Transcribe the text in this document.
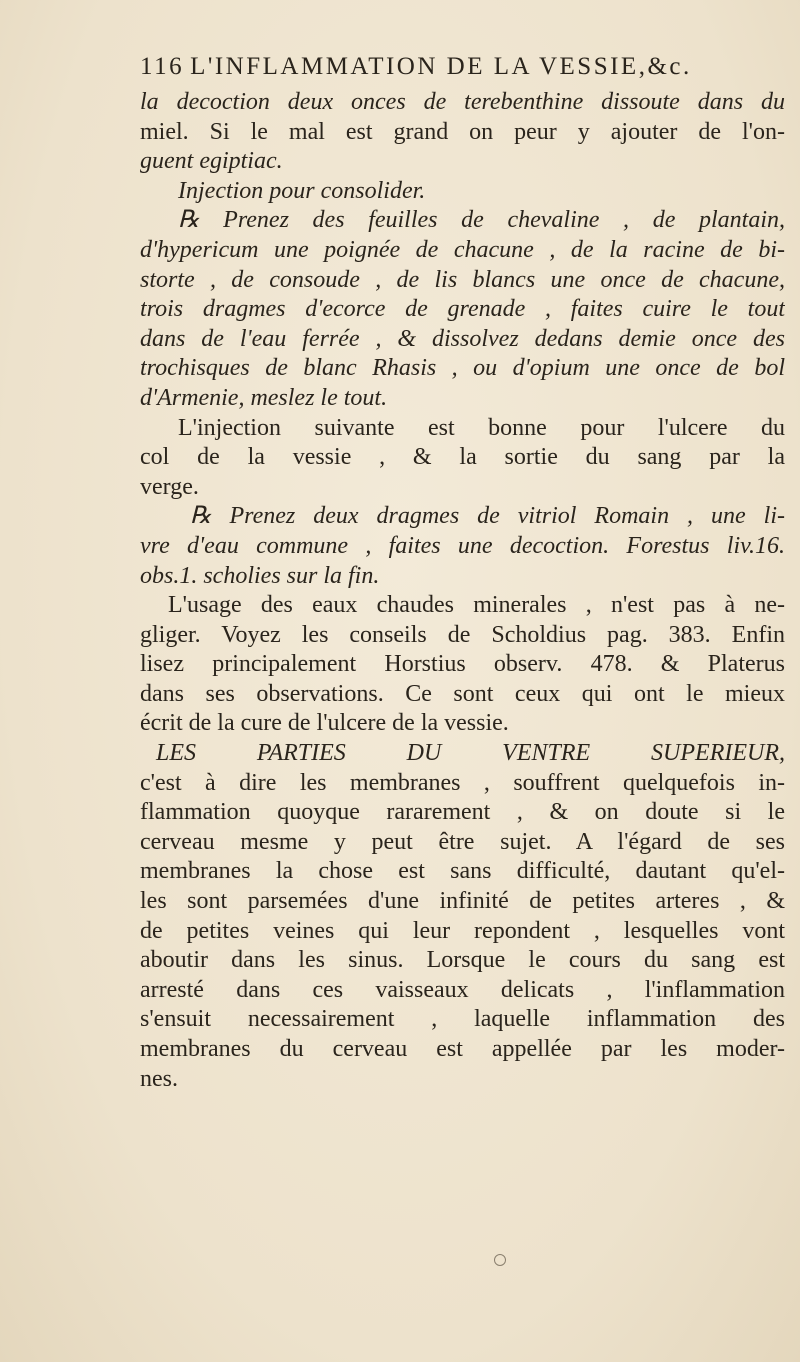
116 L'INFLAMMATION DE LA VESSIE,&c.
la decoction deux onces de terebenthine dissoute dans du
miel. Si le mal est grand on peur y ajouter de l'on-
guent egiptiac.
Injection pour consolider.
℞ Prenez des feuilles de chevaline , de plantain,
d'hypericum une poignée de chacune , de la racine de bi-
storte , de consoude , de lis blancs une once de chacune,
trois dragmes d'ecorce de grenade , faites cuire le tout
dans de l'eau ferrée , & dissolvez dedans demie once des
trochisques de blanc Rhasis , ou d'opium une once de bol
d'Armenie, meslez le tout.
L'injection suivante est bonne pour l'ulcere du
col de la vessie , & la sortie du sang par la
verge.
℞ Prenez deux dragmes de vitriol Romain , une li-
vre d'eau commune , faites une decoction. Forestus liv.16.
obs.1. scholies sur la fin.
L'usage des eaux chaudes minerales , n'est pas à ne-
gliger. Voyez les conseils de Scholdius pag. 383. Enfin
lisez principalement Horstius observ. 478. & Platerus
dans ses observations. Ce sont ceux qui ont le mieux
écrit de la cure de l'ulcere de la vessie.
LES PARTIES DU VENTRE SUPERIEUR,
c'est à dire les membranes , souffrent quelquefois in-
flammation quoyque rararement , & on doute si le
cerveau mesme y peut être sujet. A l'égard de ses
membranes la chose est sans difficulté, dautant qu'el-
les sont parsemées d'une infinité de petites arteres , &
de petites veines qui leur repondent , lesquelles vont
aboutir dans les sinus. Lorsque le cours du sang est
arresté dans ces vaisseaux delicats , l'inflammation
s'ensuit necessairement , laquelle inflammation des
membranes du cerveau est appellée par les moder-
nes.
